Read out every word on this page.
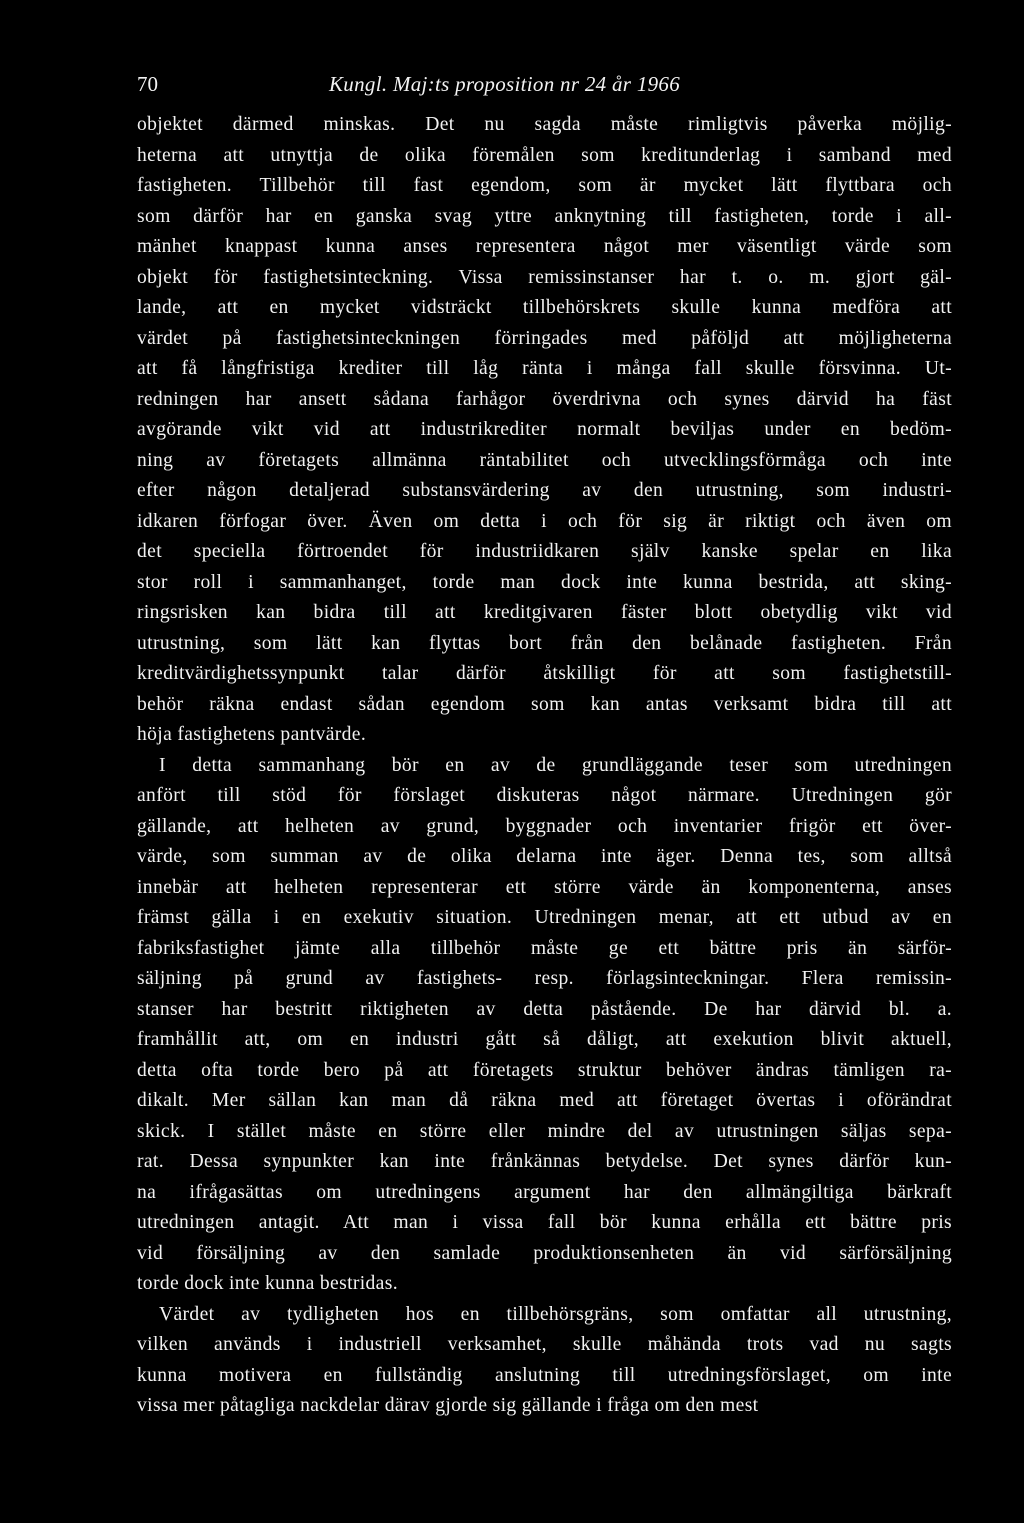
70	Kungl. Maj:ts proposition nr 24 år 1966
objektet därmed minskas. Det nu sagda måste rimligtvis påverka möjlig-
heterna att utnyttja de olika föremålen som kreditunderlag i samband med
fastigheten. Tillbehör till fast egendom, som är mycket lätt flyttbara och
som därför har en ganska svag yttre anknytning till fastigheten, torde i all-
mänhet knappast kunna anses representera något mer väsentligt värde som
objekt för fastighetsinteckning. Vissa remissinstanser har t. o. m. gjort gäl-
lande, att en mycket vidsträckt tillbehörskrets skulle kunna medföra att
värdet på fastighetsinteckningen förringades med påföljd att möjligheterna
att få långfristiga krediter till låg ränta i många fall skulle försvinna. Ut-
redningen har ansett sådana farhågor överdrivna och synes därvid ha fäst
avgörande vikt vid att industrikrediter normalt beviljas under en bedöm-
ning av företagets allmänna räntabilitet och utvecklingsförmåga och inte
efter någon detaljerad substansvärdering av den utrustning, som industri-
idkaren förfogar över. Även om detta i och för sig är riktigt och även om
det speciella förtroendet för industriidkaren själv kanske spelar en lika
stor roll i sammanhanget, torde man dock inte kunna bestrida, att sking-
ringsrisken kan bidra till att kreditgivaren fäster blott obetydlig vikt vid
utrustning, som lätt kan flyttas bort från den belånade fastigheten. Från
kreditvärdighetssynpunkt talar därför åtskilligt för att som fastighetstill-
behör räkna endast sådan egendom som kan antas verksamt bidra till att
höja fastighetens pantvärde.
I detta sammanhang bör en av de grundläggande teser som utredningen
anfört till stöd för förslaget diskuteras något närmare. Utredningen gör
gällande, att helheten av grund, byggnader och inventarier frigör ett över-
värde, som summan av de olika delarna inte äger. Denna tes, som alltså
innebär att helheten representerar ett större värde än komponenterna, anses
främst gälla i en exekutiv situation. Utredningen menar, att ett utbud av en
fabriksfastighet jämte alla tillbehör måste ge ett bättre pris än särför-
säljning på grund av fastighets- resp. förlagsinteckningar. Flera remissin-
stanser har bestritt riktigheten av detta påstående. De har därvid bl. a.
framhållit att, om en industri gått så dåligt, att exekution blivit aktuell,
detta ofta torde bero på att företagets struktur behöver ändras tämligen ra-
dikalt. Mer sällan kan man då räkna med att företaget övertas i oförändrat
skick. I stället måste en större eller mindre del av utrustningen säljas sepa-
rat. Dessa synpunkter kan inte frånkännas betydelse. Det synes därför kun-
na ifrågasättas om utredningens argument har den allmängiltiga bärkraft
utredningen antagit. Att man i vissa fall bör kunna erhålla ett bättre pris
vid försäljning av den samlade produktionsenheten än vid särförsäljning
torde dock inte kunna bestridas.
Värdet av tydligheten hos en tillbehörsgräns, som omfattar all utrustning,
vilken används i industriell verksamhet, skulle måhända trots vad nu sagts
kunna motivera en fullständig anslutning till utredningsförslaget, om inte
vissa mer påtagliga nackdelar därav gjorde sig gällande i fråga om den mest
